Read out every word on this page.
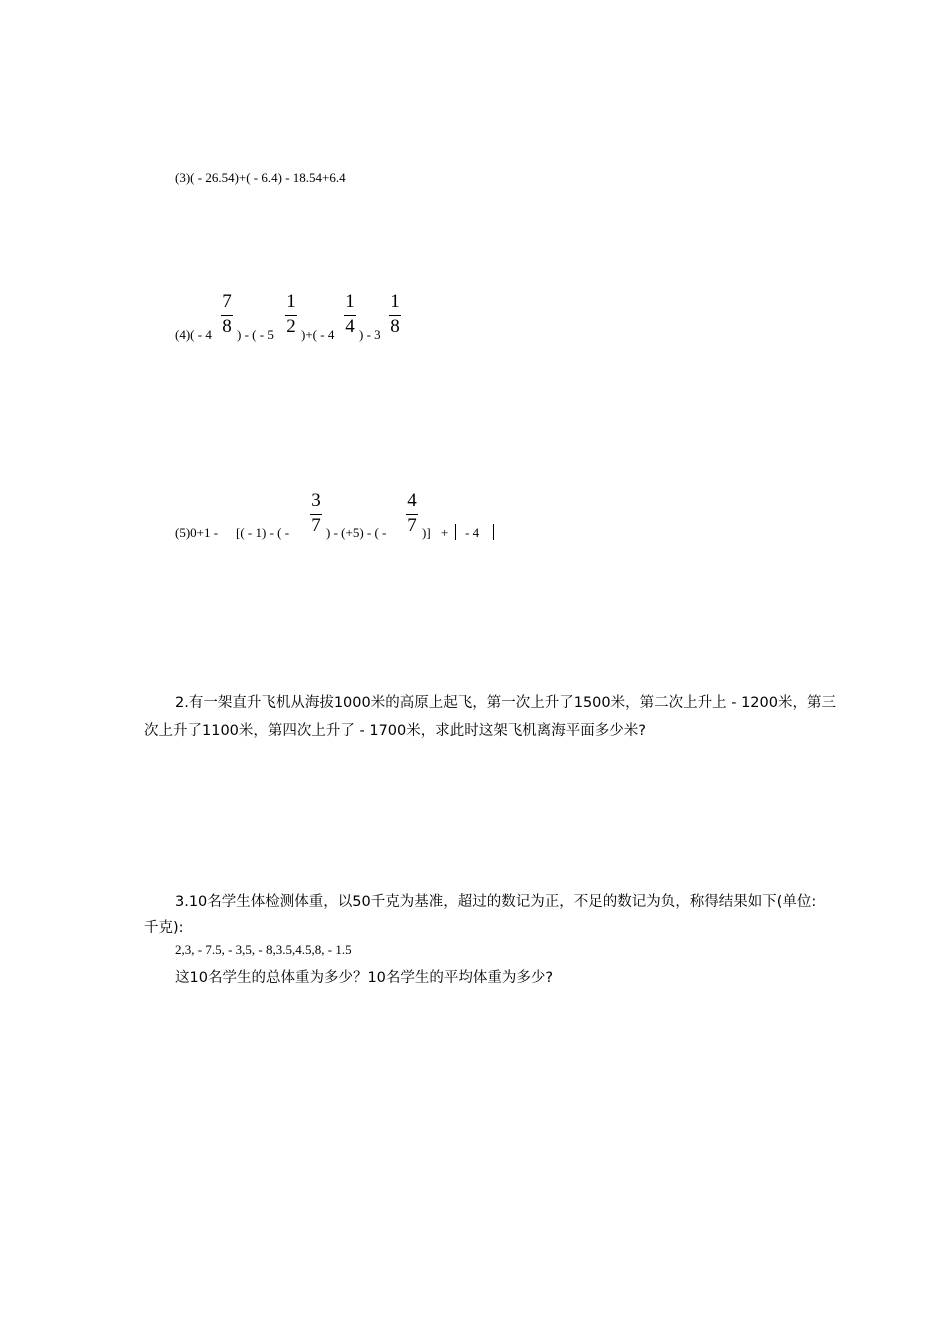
(3)( - 26.54)+( - 6.4) - 18.54+6.4
(4)( - 4
7
8 ) - ( - 5
1
2 )+( - 4
1
4 ) - 3
1
8
(5)0+1 - [( - 1) - ( -
3
7 ) - (+5) - ( -
4
7 )] + - 4
2.有一架直升飞机从海拔1000米的高原上起飞，第一次上升了1500米，第二次上升上 - 1200米，第三
次上升了1100米，第四次上升了 - 1700米，求此时这架飞机离海平面多少米?
3.10名学生体检测体重，以50千克为基准，超过的数记为正，不足的数记为负，称得结果如下(单位:
千克):
2,3, - 7.5, - 3,5, - 8,3.5,4.5,8, - 1.5
这10名学生的总体重为多少？10名学生的平均体重为多少?
